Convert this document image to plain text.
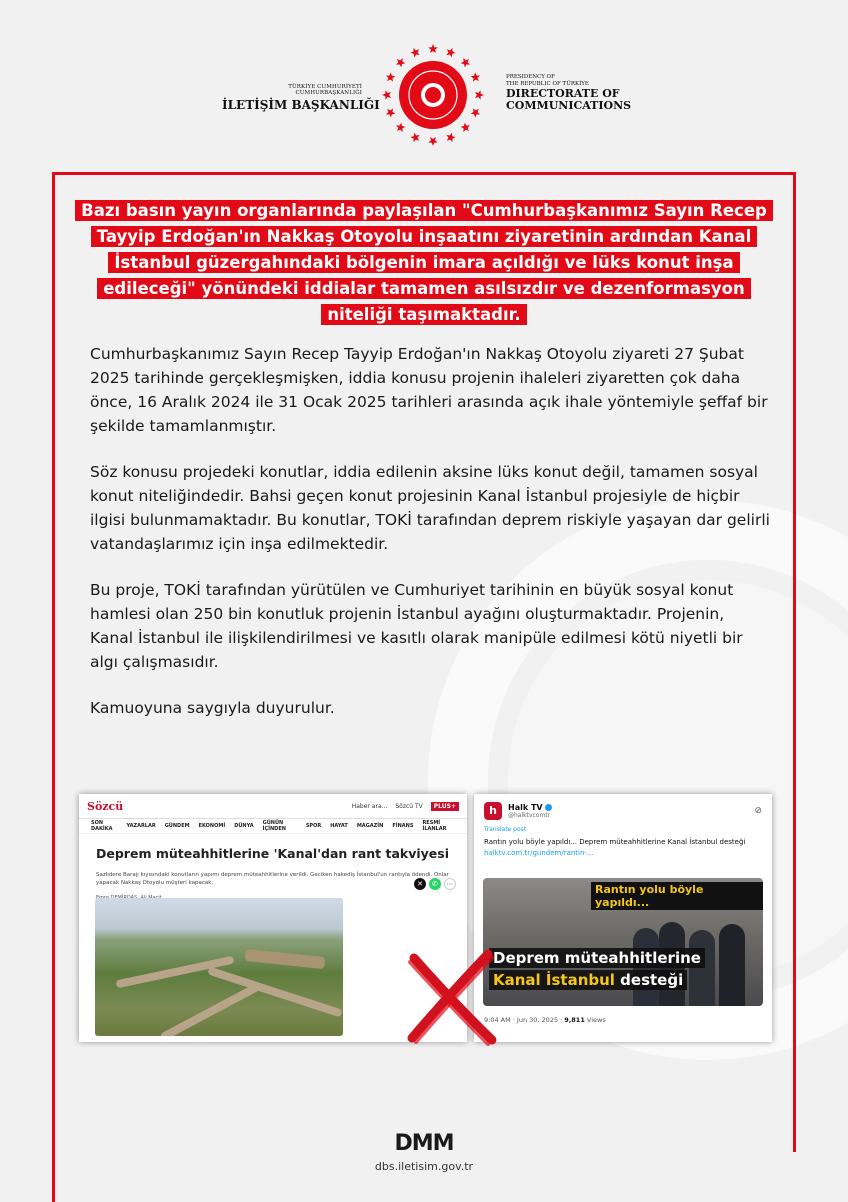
TÜRKİYE CUMHURİYETİ CUMHURBAŞKANLIĞI
İLETİŞİM BAŞKANLIĞI
PRESIDENCY OF
THE REPUBLIC OF TÜRKİYE
DIRECTORATE OF
COMMUNICATIONS
Bazı basın yayın organlarında paylaşılan "Cumhurbaşkanımız Sayın Recep Tayyip Erdoğan'ın Nakkaş Otoyolu inşaatını ziyaretinin ardından Kanal İstanbul güzergahındaki bölgenin imara açıldığı ve lüks konut inşa edileceği" yönündeki iddialar tamamen asılsızdır ve dezenformasyon niteliği taşımaktadır.

Cumhurbaşkanımız Sayın Recep Tayyip Erdoğan'ın Nakkaş Otoyolu ziyareti 27 Şubat 2025 tarihinde gerçekleşmişken, iddia konusu projenin ihaleleri ziyaretten çok daha önce, 16 Aralık 2024 ile 31 Ocak 2025 tarihleri arasında açık ihale yöntemiyle şeffaf bir şekilde tamamlanmıştır.

Söz konusu projedeki konutlar, iddia edilenin aksine lüks konut değil, tamamen sosyal konut niteliğindedir. Bahsi geçen konut projesinin Kanal İstanbul projesiyle de hiçbir ilgisi bulunmamaktadır. Bu konutlar, TOKİ tarafından deprem riskiyle yaşayan dar gelirli vatandaşlarımız için inşa edilmektedir.

Bu proje, TOKİ tarafından yürütülen ve Cumhuriyet tarihinin en büyük sosyal konut hamlesi olan 250 bin konutluk projenin İstanbul ayağını oluşturmaktadır. Projenin, Kanal İstanbul ile ilişkilendirilmesi ve kasıtlı olarak manipüle edilmesi kötü niyetli bir algı çalışmasıdır.

Kamuoyuna saygıyla duyurulur.

Sözcü	Haber ara... Sözcü TV	PLUS+
SON DAKİKA	YAZARLAR GÜNDEM EKONOMİ DÜNYA GÜNÜN İÇİNDEN	SPOR HAYAT MAGAZİN FİNANS RESMİ İLANLAR
Deprem müteahhitlerine 'Kanal'dan rant takviyesi
Sazlıdere Barajı kıyısındaki konutların yapımı deprem müteahhitlerine verildi. Geciken hakediş İstanbul'un rantıyla ödendi. Onlar yapacak Nakkaş Otoyolu müşteri kapacak.	✕	✆	⋯
h	Halk TV
@halktvcomtr	⊘
Translate post
Rantın yolu böyle yapıldı... Deprem müteahhitlerine Kanal İstanbul desteği
halktv.com.tr/gundem/rantin-...
Rantın yolu böyle yapıldı...
Deprem müteahhitlerine
Kanal İstanbul desteği
9:04 AM · Jun 30, 2025 · 9,811 Views
DMM
dbs.iletisim.gov.tr
